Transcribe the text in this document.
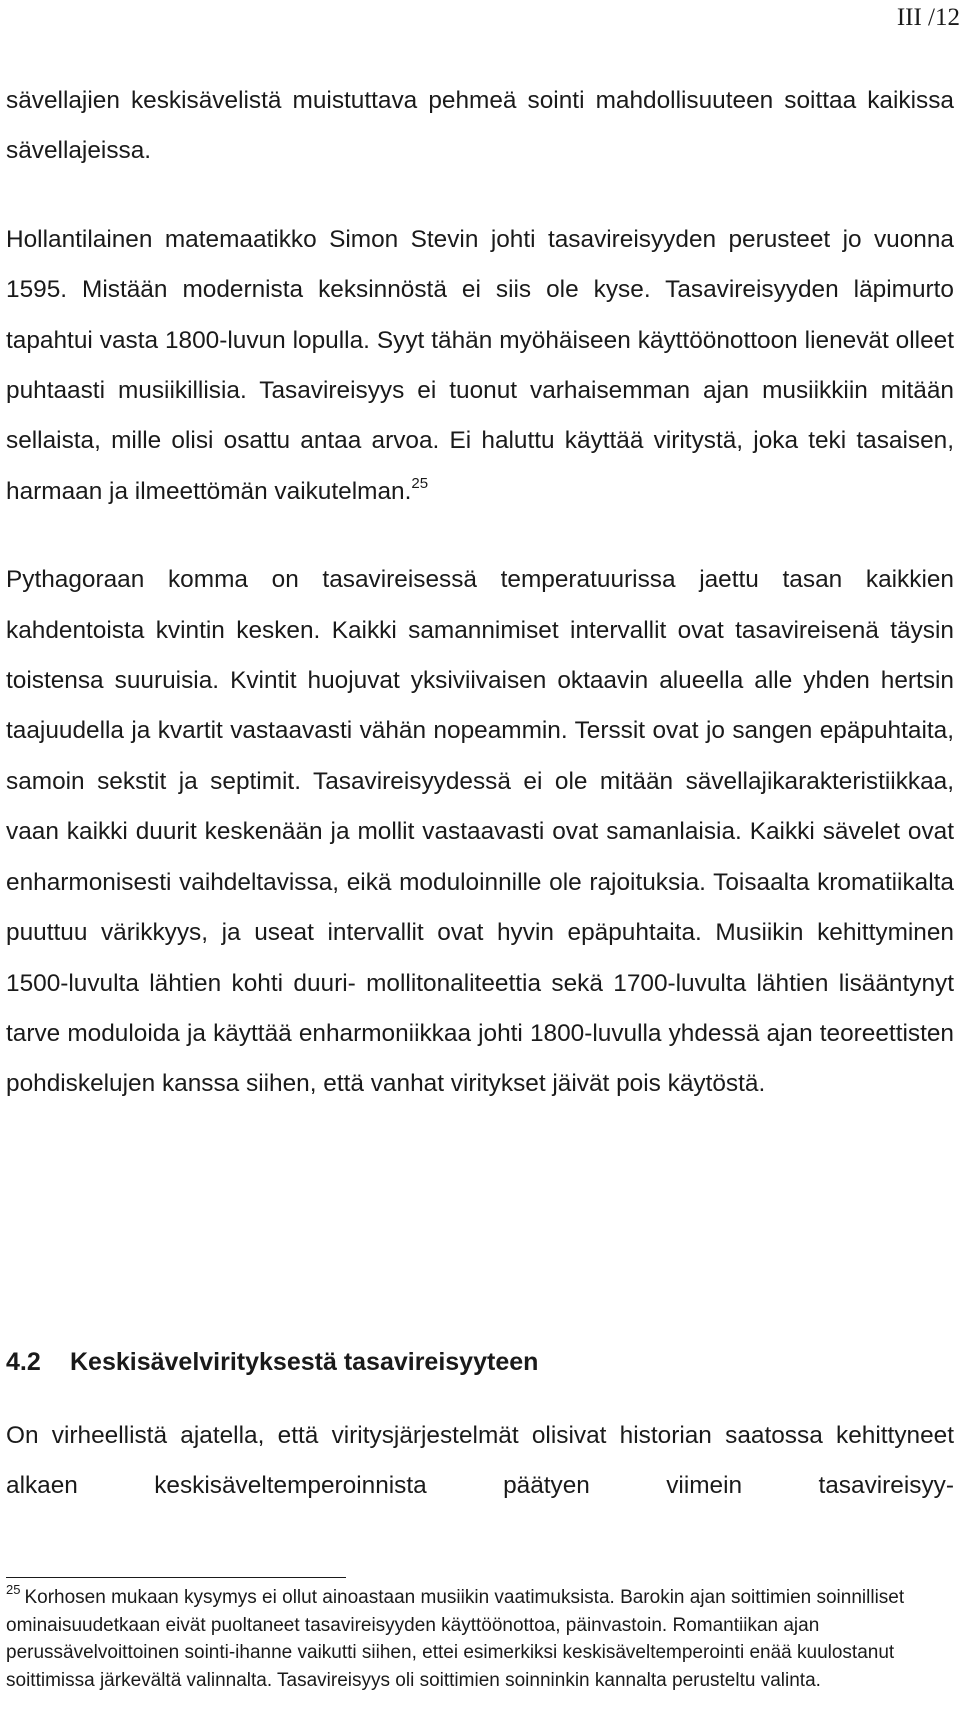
III /12

sävellajien keskisävelistä muistuttava pehmeä sointi mahdollisuuteen soittaa kaikissa sävellajeissa.

Hollantilainen matemaatikko Simon Stevin johti tasavireisyyden perusteet jo vuonna 1595. Mistään modernista keksinnöstä ei siis ole kyse. Tasavireisyyden läpimurto tapahtui vasta 1800-luvun lopulla. Syyt tähän myöhäiseen käyttöönottoon lienevät olleet puhtaasti musiikillisia. Tasavireisyys ei tuonut varhaisemman ajan musiikkiin mitään sellaista, mille olisi osattu antaa arvoa. Ei haluttu käyttää viritystä, joka teki tasaisen, harmaan ja ilmeettömän vaikutelman.$^{25}$

Pythagoraan komma on tasavireisessä temperatuurissa jaettu tasan kaikkien kahdentoista kvintin kesken. Kaikki samannimiset intervallit ovat tasavireisenä täysin toistensa suuruisia. Kvintit huojuvat yksiviivaisen oktaavin alueella alle yhden hertsin taajuudella ja kvartit vastaavasti vähän nopeammin. Terssit ovat jo sangen epäpuhtaita, samoin sekstit ja septimit. Tasavireisyydessä ei ole mitään sävellajikarakteristiikkaa, vaan kaikki duurit keskenään ja mollit vastaavasti ovat samanlaisia. Kaikki sävelet ovat enharmonisesti vaihdeltavissa, eikä moduloinnille ole rajoituksia. Toisaalta kromatiikalta puuttuu värikkyys, ja useat intervallit ovat hyvin epäpuhtaita. Musiikin kehittyminen 1500-luvulta lähtien kohti duuri- mollitonaliteettia sekä 1700-luvulta lähtien lisääntynyt tarve moduloida ja käyttää enharmoniikkaa johti 1800-luvulla yhdessä ajan teoreettisten pohdiskelujen kanssa siihen, että vanhat viritykset jäivät pois käytöstä.

4.2 Keskisävelvirityksestä tasavireisyyteen

On virheellistä ajatella, että viritysjärjestelmät olisivat historian saatossa kehittyneet alkaen keskisäveltemperoinnista päätyen viimein tasavireisyy-

$^{25}$ Korhosen mukaan kysymys ei ollut ainoastaan musiikin vaatimuksista. Barokin ajan soittimien soinnilliset ominaisuudetkaan eivät puoltaneet tasavireisyyden käyttöönottoa, päinvastoin. Romantiikan ajan perussävelvoittoinen sointi-ihanne vaikutti siihen, ettei esimerkiksi keskisäveltemperointi enää kuulostanut soittimissa järkevältä valinnalta. Tasavireisyys oli soittimien soinninkin kannalta perusteltu valinta.
